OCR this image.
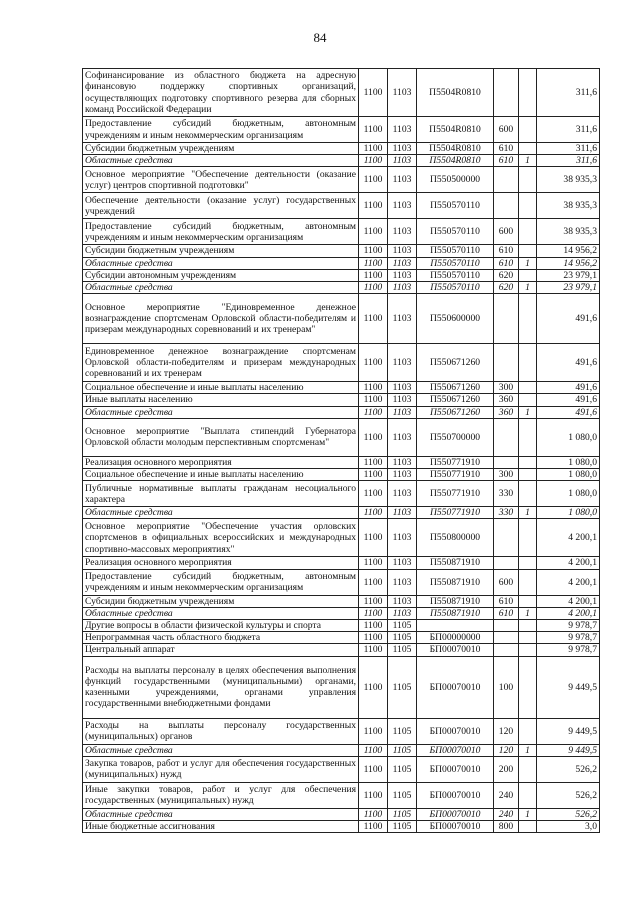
84
Софинансирование из областного бюджета на адресную финансовую поддержку спортивных организаций, осуществляющих подготовку спортивного резерва для сборных команд Российской Федерации	1100	1103	П5504R0810			311,6
Предоставление субсидий бюджетным, автономным учреждениям и иным некоммерческим организациям	1100	1103	П5504R0810	600		311,6
Субсидии бюджетным учреждениям	1100	1103	П5504R0810	610		311,6
Областные средства	1100	1103	П5504R0810	610	1	311,6
Основное мероприятие "Обеспечение деятельности (оказание услуг) центров спортивной подготовки"	1100	1103	П550500000			38 935,3
Обеспечение деятельности (оказание услуг) государственных учреждений	1100	1103	П550570110			38 935,3
Предоставление субсидий бюджетным, автономным учреждениям и иным некоммерческим организациям	1100	1103	П550570110	600		38 935,3
Субсидии бюджетным учреждениям	1100	1103	П550570110	610		14 956,2
Областные средства	1100	1103	П550570110	610	1	14 956,2
Субсидии автономным учреждениям	1100	1103	П550570110	620		23 979,1
Областные средства	1100	1103	П550570110	620	1	23 979,1
Основное мероприятие "Единовременное денежное вознаграждение спортсменам Орловской области-победителям и призерам международных соревнований и их тренерам"	1100	1103	П550600000			491,6
Единовременное денежное вознаграждение спортсменам Орловской области-победителям и призерам международных соревнований и их тренерам	1100	1103	П550671260			491,6
Социальное обеспечение и иные выплаты населению	1100	1103	П550671260	300		491,6
Иные выплаты населению	1100	1103	П550671260	360		491,6
Областные средства	1100	1103	П550671260	360	1	491,6
Основное мероприятие "Выплата стипендий Губернатора Орловской области молодым перспективным спортсменам"	1100	1103	П550700000			1 080,0
Реализация основного мероприятия	1100	1103	П550771910			1 080,0
Социальное обеспечение и иные выплаты населению	1100	1103	П550771910	300		1 080,0
Публичные нормативные выплаты гражданам несоциального характера	1100	1103	П550771910	330		1 080,0
Областные средства	1100	1103	П550771910	330	1	1 080,0
Основное мероприятие "Обеспечение участия орловских спортсменов в официальных всероссийских и международных спортивно-массовых мероприятиях"	1100	1103	П550800000			4 200,1
Реализация основного мероприятия	1100	1103	П550871910			4 200,1
Предоставление субсидий бюджетным, автономным учреждениям и иным некоммерческим организациям	1100	1103	П550871910	600		4 200,1
Субсидии бюджетным учреждениям	1100	1103	П550871910	610		4 200,1
Областные средства	1100	1103	П550871910	610	1	4 200,1
Другие вопросы в области физической культуры и спорта	1100	1105				9 978,7
Непрограммная часть областного бюджета	1100	1105	БП00000000			9 978,7
Центральный аппарат	1100	1105	БП00070010			9 978,7
Расходы на выплаты персоналу в целях обеспечения выполнения функций государственными (муниципальными) органами, казенными учреждениями, органами управления государственными внебюджетными фондами	1100	1105	БП00070010	100		9 449,5
Расходы на выплаты персоналу государственных (муниципальных) органов	1100	1105	БП00070010	120		9 449,5
Областные средства	1100	1105	БП00070010	120	1	9 449,5
Закупка товаров, работ и услуг для обеспечения государственных (муниципальных) нужд	1100	1105	БП00070010	200		526,2
Иные закупки товаров, работ и услуг для обеспечения государственных (муниципальных) нужд	1100	1105	БП00070010	240		526,2
Областные средства	1100	1105	БП00070010	240	1	526,2
Иные бюджетные ассигнования	1100	1105	БП00070010	800		3,0
